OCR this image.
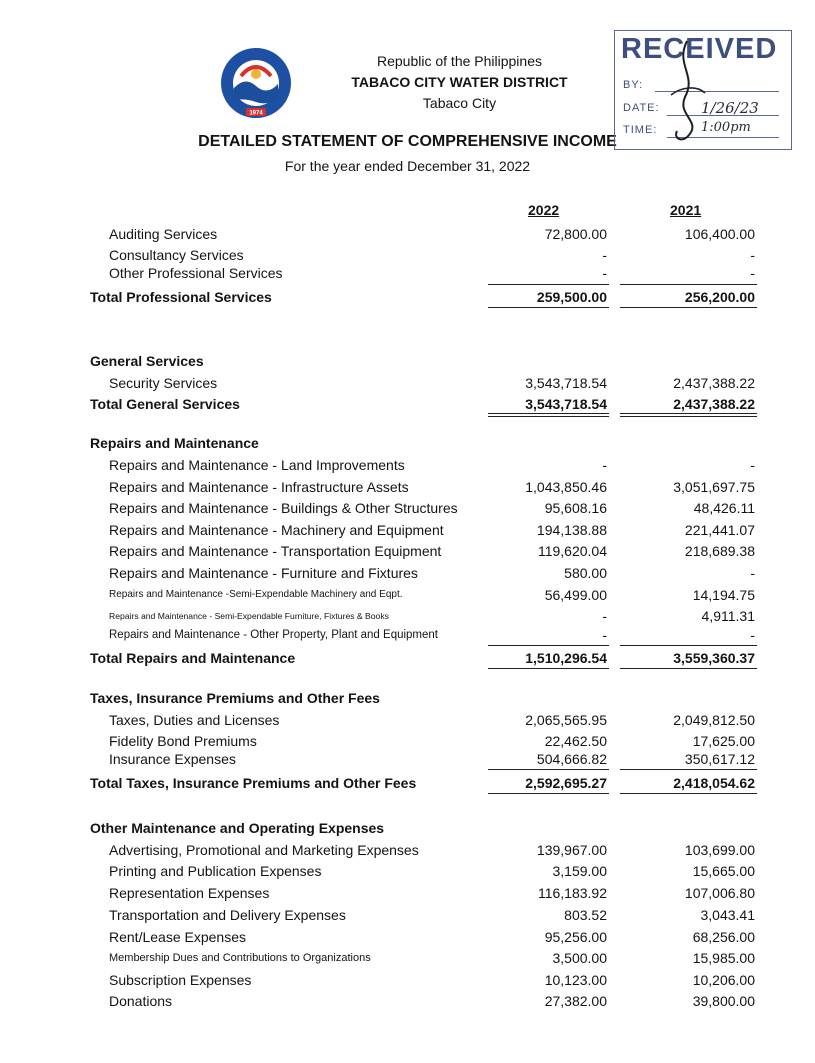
1974
Republic of the Philippines
TABACO CITY WATER DISTRICT
Tabaco City
DETAILED STATEMENT OF COMPREHENSIVE INCOME
For the year ended December 31, 2022
RECEIVED
BY:
DATE:
TIME:
1/26/23
1:00pm
2022	2021
Auditing Services	72,800.00	106,400.00
Consultancy Services	-	-
Other Professional Services	-	-
Total Professional Services	259,500.00	256,200.00
General Services
Security Services	3,543,718.54	2,437,388.22
Total General Services	3,543,718.54	2,437,388.22
Repairs and Maintenance
Repairs and Maintenance - Land Improvements	-	-
Repairs and Maintenance - Infrastructure Assets	1,043,850.46	3,051,697.75
Repairs and Maintenance - Buildings & Other Structures	95,608.16	48,426.11
Repairs and Maintenance - Machinery and Equipment	194,138.88	221,441.07
Repairs and Maintenance - Transportation Equipment	119,620.04	218,689.38
Repairs and Maintenance - Furniture and Fixtures	580.00	-
Repairs and Maintenance -Semi-Expendable Machinery and Eqpt.	56,499.00	14,194.75
Repairs and Maintenance - Semi-Expendable Furniture, Fixtures & Books	-	4,911.31
Repairs and Maintenance - Other Property, Plant and Equipment	-	-
Total Repairs and Maintenance	1,510,296.54	3,559,360.37
Taxes, Insurance Premiums and Other Fees
Taxes, Duties and Licenses	2,065,565.95	2,049,812.50
Fidelity Bond Premiums	22,462.50	17,625.00
Insurance Expenses	504,666.82	350,617.12
Total Taxes, Insurance Premiums and Other Fees	2,592,695.27	2,418,054.62
Other Maintenance and Operating Expenses
Advertising, Promotional and Marketing Expenses	139,967.00	103,699.00
Printing and Publication Expenses	3,159.00	15,665.00
Representation Expenses	116,183.92	107,006.80
Transportation and Delivery Expenses	803.52	3,043.41
Rent/Lease Expenses	95,256.00	68,256.00
Membership Dues and Contributions to Organizations	3,500.00	15,985.00
Subscription Expenses	10,123.00	10,206.00
Donations	27,382.00	39,800.00
